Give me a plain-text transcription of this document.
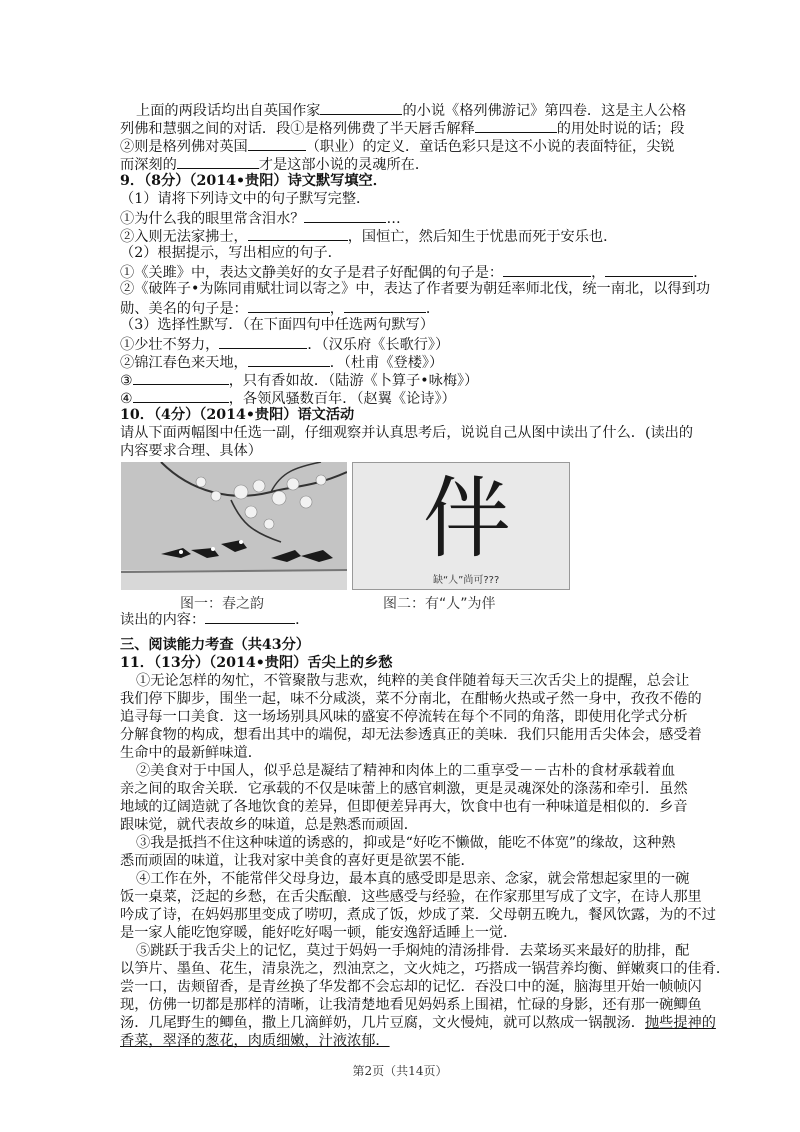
上面的两段话均出自英国作家	的小说《格列佛游记》第四卷．这是主人公格
列佛和慧骃之间的对话．段①是格列佛费了半天唇舌解释	的用处时说的话；段
②则是格列佛对英国	（职业）的定义．童话色彩只是这不小说的表面特征，尖锐
而深刻的	才是这部小说的灵魂所在．
9．（8分）（2014•贵阳）诗文默写填空．
（1）请将下列诗文中的句子默写完整．
①为什么我的眼里常含泪水？	…
②入则无法家拂士，	，国恒亡，然后知生于忧患而死于安乐也．
（2）根据提示，写出相应的句子．
①《关雎》中，表达文静美好的女子是君子好配偶的句子是：	，	．
②《破阵子•为陈同甫赋壮词以寄之》中，表达了作者要为朝廷率师北伐，统一南北，以得到功
勋、美名的句子是：	，	．
（3）选择性默写．（在下面四句中任选两句默写）
①少壮不努力，	．（汉乐府《长歌行》）
②锦江春色来天地，	．（杜甫《登楼》）
③	，只有香如故．（陆游《卜算子•咏梅》）
④	，各领风骚数百年．（赵翼《论诗》）
10．（4分）（2014•贵阳）语文活动
请从下面两幅图中任选一副，仔细观察并认真思考后，说说自己从图中读出了什么．(读出的
内容要求合理、具体）
伴
缺“人”尚可???
图一：春之韵	图二：有“人”为伴
读出的内容：	．
三、阅读能力考查（共43分）
11．（13分）（2014•贵阳）舌尖上的乡愁
①无论怎样的匆忙，不管聚散与悲欢，纯粹的美食伴随着每天三次舌尖上的提醒，总会让
我们停下脚步，围坐一起，味不分咸淡，菜不分南北，在酣畅火热或孑然一身中，孜孜不倦的
追寻每一口美食．这一场场别具风味的盛宴不停流转在每个不同的角落，即使用化学式分析
分解食物的构成，想看出其中的端倪，却无法参透真正的美味．我们只能用舌尖体会，感受着
生命中的最新鲜味道．
②美食对于中国人，似乎总是凝结了精神和肉体上的二重享受－－古朴的食材承载着血
亲之间的取舍关联．它承载的不仅是味蕾上的感官刺激，更是灵魂深处的涤荡和牵引．虽然
地域的辽阔造就了各地饮食的差异，但即便差异再大，饮食中也有一种味道是相似的．乡音
跟味觉，就代表故乡的味道，总是熟悉而顽固．
③我是抵挡不住这种味道的诱惑的，抑或是“好吃不懒做，能吃不体宽”的缘故，这种熟
悉而顽固的味道，让我对家中美食的喜好更是欲罢不能．
④工作在外，不能常伴父母身边，最本真的感受即是思亲、念家，就会常想起家里的一碗
饭一桌菜，泛起的乡愁，在舌尖酝酿．这些感受与经验，在作家那里写成了文字，在诗人那里
吟成了诗，在妈妈那里变成了唠叨，煮成了饭，炒成了菜．父母朝五晚九，餐风饮露，为的不过
是一家人能吃饱穿暖，能好吃好喝一顿，能安逸舒适睡上一觉．
⑤跳跃于我舌尖上的记忆，莫过于妈妈一手焖炖的清汤排骨．去菜场买来最好的肋排，配
以笋片、墨鱼、花生，清泉洗之，烈油烹之，文火炖之，巧搭成一锅营养均衡、鲜嫩爽口的佳肴．
尝一口，齿颊留香，是青丝换了华发都不会忘却的记忆．吞没口中的涎，脑海里开始一帧帧闪
现，仿佛一切都是那样的清晰，让我清楚地看见妈妈系上围裙，忙碌的身影，还有那一碗鲫鱼
汤．几尾野生的鲫鱼，撒上几滴鲜奶，几片豆腐，文火慢炖，就可以熬成一锅靓汤．抛些提神的
香菜，翠泽的葱花，肉质细嫩，汁液浓郁．
第2页（共14页）
